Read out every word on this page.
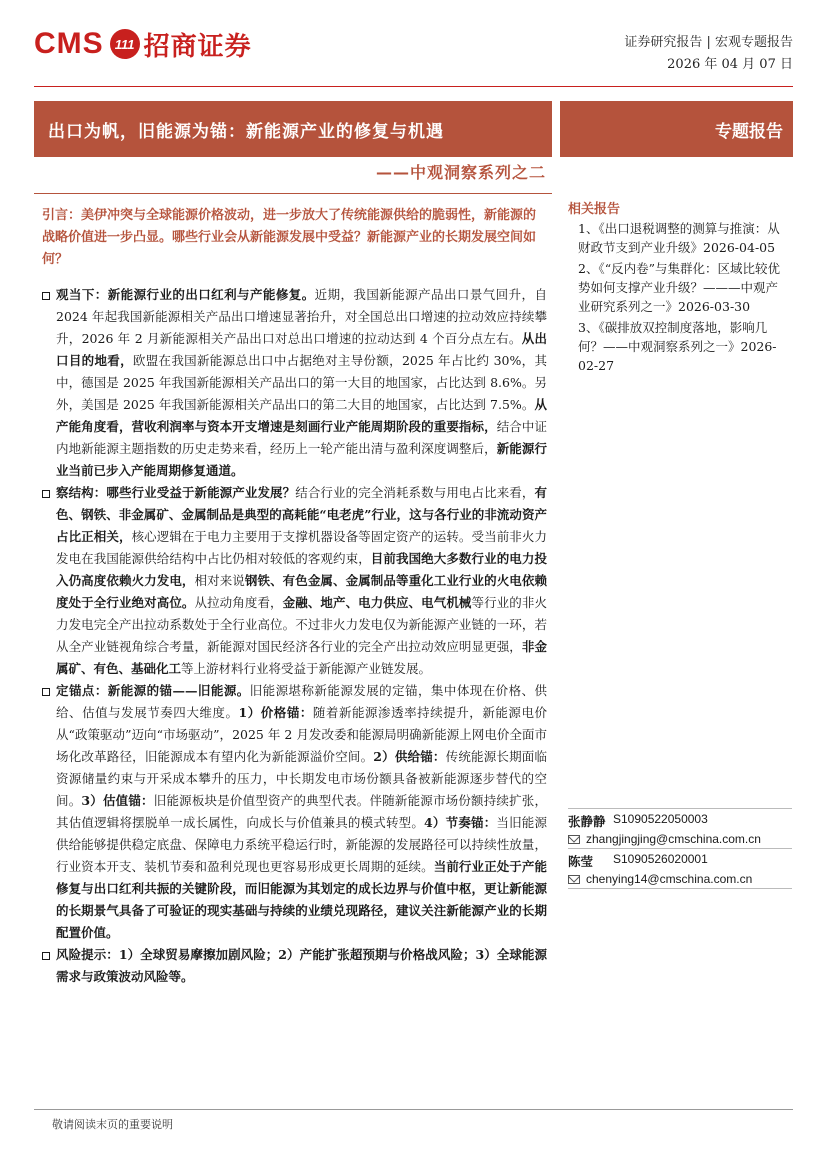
CMS 111 招商证券	证券研究报告 | 宏观专题报告
2026 年 04 月 07 日
出口为帆，旧能源为锚：新能源产业的修复与机遇	专题报告
——中观洞察系列之二
引言：美伊冲突与全球能源价格波动，进一步放大了传统能源供给的脆弱性，新能源的战略价值进一步凸显。哪些行业会从新能源发展中受益？新能源产业的长期发展空间如何？
观当下：新能源行业的出口红利与产能修复。近期，我国新能源产品出口景气回升，自 2024 年起我国新能源相关产品出口增速显著抬升，对全国总出口增速的拉动效应持续攀升，2026 年 2 月新能源相关产品出口对总出口增速的拉动达到 4 个百分点左右。从出口目的地看，欧盟在我国新能源总出口中占据绝对主导份额，2025 年占比约 30%，其中，德国是 2025 年我国新能源相关产品出口的第一大目的地国家，占比达到 8.6%。另外，美国是 2025 年我国新能源相关产品出口的第二大目的地国家，占比达到 7.5%。从产能角度看，营收利润率与资本开支增速是刻画行业产能周期阶段的重要指标，结合中证内地新能源主题指数的历史走势来看，经历上一轮产能出清与盈利深度调整后，新能源行业当前已步入产能周期修复通道。
察结构：哪些行业受益于新能源产业发展？结合行业的完全消耗系数与用电占比来看，有色、钢铁、非金属矿、金属制品是典型的高耗能“电老虎”行业，这与各行业的非流动资产占比正相关，核心逻辑在于电力主要用于支撑机器设备等固定资产的运转。受当前非火力发电在我国能源供给结构中占比仍相对较低的客观约束，目前我国绝大多数行业的电力投入仍高度依赖火力发电，相对来说钢铁、有色金属、金属制品等重化工业行业的火电依赖度处于全行业绝对高位。从拉动角度看，金融、地产、电力供应、电气机械等行业的非火力发电完全产出拉动系数处于全行业高位。不过非火力发电仅为新能源产业链的一环，若从全产业链视角综合考量，新能源对国民经济各行业的完全产出拉动效应明显更强，非金属矿、有色、基础化工等上游材料行业将受益于新能源产业链发展。
定锚点：新能源的锚——旧能源。旧能源堪称新能源发展的定锚，集中体现在价格、供给、估值与发展节奏四大维度。1）价格锚：随着新能源渗透率持续提升，新能源电价从“政策驱动”迈向“市场驱动”，2025 年 2 月发改委和能源局明确新能源上网电价全面市场化改革路径，旧能源成本有望内化为新能源溢价空间。2）供给锚：传统能源长期面临资源储量约束与开采成本攀升的压力，中长期发电市场份额具备被新能源逐步替代的空间。3）估值锚：旧能源板块是价值型资产的典型代表。伴随新能源市场份额持续扩张，其估值逻辑将摆脱单一成长属性，向成长与价值兼具的模式转型。4）节奏锚：当旧能源供给能够提供稳定底盘、保障电力系统平稳运行时，新能源的发展路径可以持续性放量，行业资本开支、装机节奏和盈利兑现也更容易形成更长周期的延续。当前行业正处于产能修复与出口红利共振的关键阶段，而旧能源为其划定的成长边界与价值中枢，更让新能源的长期景气具备了可验证的现实基础与持续的业绩兑现路径，建议关注新能源产业的长期配置价值。
风险提示：1）全球贸易摩擦加剧风险；2）产能扩张超预期与价格战风险；3）全球能源需求与政策波动风险等。
相关报告
1、《出口退税调整的测算与推演：从财政节支到产业升级》2026-04-05
2、《“反内卷”与集群化：区域比较优势如何支撑产业升级？———中观产业研究系列之一》2026-03-30
3、《碳排放双控制度落地，影响几何？——中观洞察系列之一》2026-02-27
张静静 S1090522050003
zhangjingjing@cmschina.com.cn
陈莹 S1090526020001
chenying14@cmschina.com.cn
敬请阅读末页的重要说明
